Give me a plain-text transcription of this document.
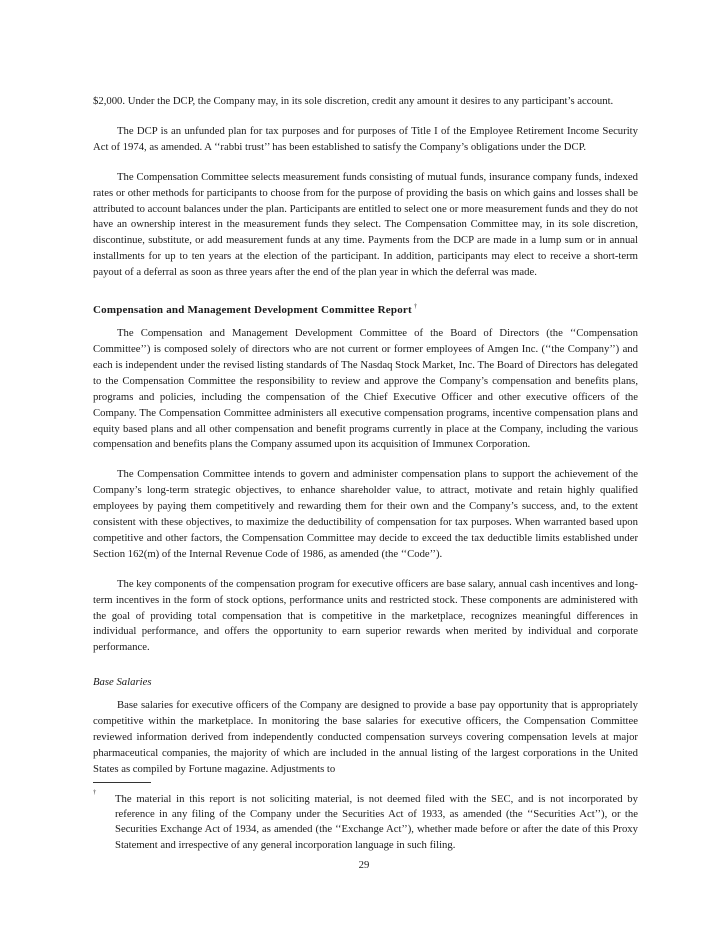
$2,000. Under the DCP, the Company may, in its sole discretion, credit any amount it desires to any participant’s account.

The DCP is an unfunded plan for tax purposes and for purposes of Title I of the Employee Retirement Income Security Act of 1974, as amended. A ‘‘rabbi trust’’ has been established to satisfy the Company’s obligations under the DCP.

The Compensation Committee selects measurement funds consisting of mutual funds, insurance company funds, indexed rates or other methods for participants to choose from for the purpose of providing the basis on which gains and losses shall be attributed to account balances under the plan. Participants are entitled to select one or more measurement funds and they do not have an ownership interest in the measurement funds they select. The Compensation Committee may, in its sole discretion, discontinue, substitute, or add measurement funds at any time. Payments from the DCP are made in a lump sum or in annual installments for up to ten years at the election of the participant. In addition, participants may elect to receive a short-term payout of a deferral as soon as three years after the end of the plan year in which the deferral was made.

Compensation and Management Development Committee Report †

The Compensation and Management Development Committee of the Board of Directors (the ‘‘Compensation Committee’’) is composed solely of directors who are not current or former employees of Amgen Inc. (‘‘the Company’’) and each is independent under the revised listing standards of The Nasdaq Stock Market, Inc. The Board of Directors has delegated to the Compensation Committee the responsibility to review and approve the Company’s compensation and benefits plans, programs and policies, including the compensation of the Chief Executive Officer and other executive officers of the Company. The Compensation Committee administers all executive compensation programs, incentive compensation plans and equity based plans and all other compensation and benefit programs currently in place at the Company, including the various compensation and benefits plans the Company assumed upon its acquisition of Immunex Corporation.

The Compensation Committee intends to govern and administer compensation plans to support the achievement of the Company’s long-term strategic objectives, to enhance shareholder value, to attract, motivate and retain highly qualified employees by paying them competitively and rewarding them for their own and the Company’s success, and, to the extent consistent with these objectives, to maximize the deductibility of compensation for tax purposes. When warranted based upon competitive and other factors, the Compensation Committee may decide to exceed the tax deductible limits established under Section 162(m) of the Internal Revenue Code of 1986, as amended (the ‘‘Code’’).

The key components of the compensation program for executive officers are base salary, annual cash incentives and long-term incentives in the form of stock options, performance units and restricted stock. These components are administered with the goal of providing total compensation that is competitive in the marketplace, recognizes meaningful differences in individual performance, and offers the opportunity to earn superior rewards when merited by individual and corporate performance.

Base Salaries

Base salaries for executive officers of the Company are designed to provide a base pay opportunity that is appropriately competitive within the marketplace. In monitoring the base salaries for executive officers, the Compensation Committee reviewed information derived from independently conducted compensation surveys covering compensation levels at major pharmaceutical companies, the majority of which are included in the annual listing of the largest corporations in the United States as compiled by Fortune magazine. Adjustments to

†

The material in this report is not soliciting material, is not deemed filed with the SEC, and is not incorporated by reference in any filing of the Company under the Securities Act of 1933, as amended (the ‘‘Securities Act’’), or the Securities Exchange Act of 1934, as amended (the ‘‘Exchange Act’’), whether made before or after the date of this Proxy Statement and irrespective of any general incorporation language in such filing.

29
